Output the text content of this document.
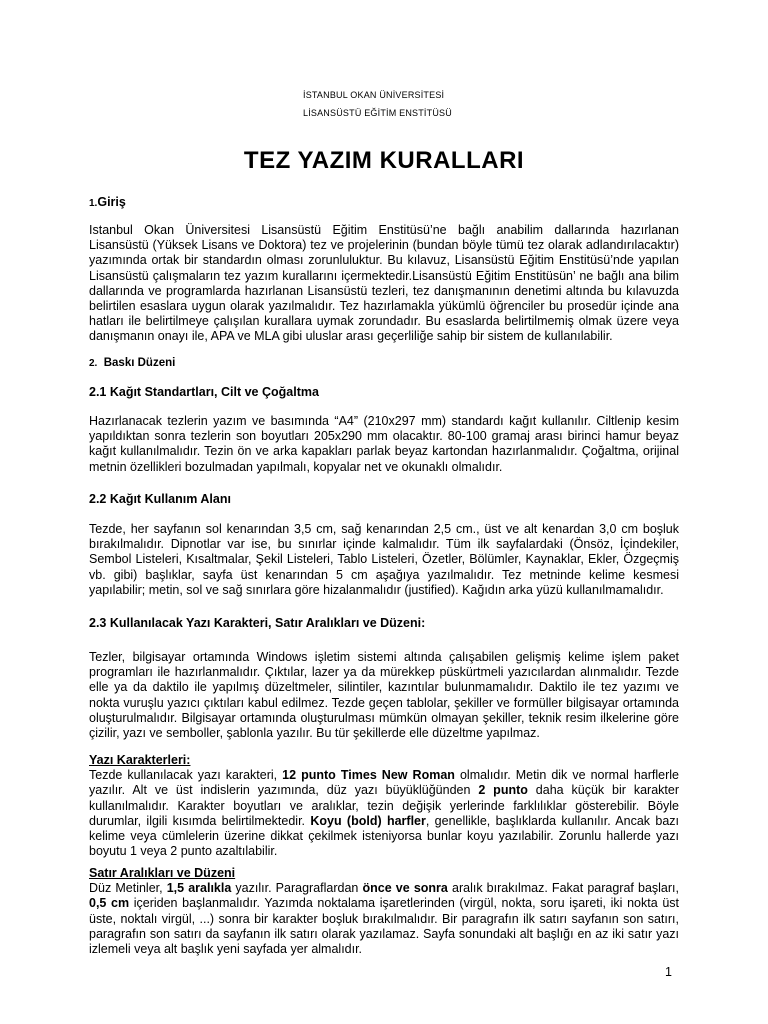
İSTANBUL OKAN ÜNİVERSİTESİ
LİSANSÜSTÜ EĞİTİM ENSTİTÜSÜ
TEZ YAZIM KURALLARI
1.Giriş
Istanbul Okan Üniversitesi Lisansüstü Eğitim Enstitüsü’ne bağlı anabilim dallarında hazırlanan
Lisansüstü (Yüksek Lisans ve Doktora) tez ve projelerinin (bundan böyle tümü tez olarak adlandırılacaktır)
yazımında ortak bir standardın olması zorunluluktur. Bu kılavuz, Lisansüstü Eğitim Enstitüsü’nde yapılan
Lisansüstü çalışmaların tez yazım kurallarını içermektedir.Lisansüstü Eğitim Enstitüsün’ ne bağlı ana bilim
dallarında ve programlarda hazırlanan Lisansüstü tezleri, tez danışmanının denetimi altında bu kılavuzda
belirtilen esaslara uygun olarak yazılmalıdır. Tez hazırlamakla yükümlü öğrenciler bu prosedür içinde ana
hatları ile belirtilmeye çalışılan kurallara uymak zorundadır. Bu esaslarda belirtilmemiş olmak üzere veya
danışmanın onayı ile, APA ve MLA gibi uluslar arası geçerliliğe sahip bir sistem de kullanılabilir.
2. Baskı Düzeni
2.1 Kağıt Standartları, Cilt ve Çoğaltma
Hazırlanacak tezlerin yazım ve basımında “A4” (210x297 mm) standardı kağıt kullanılır. Ciltlenip kesim
yapıldıktan sonra tezlerin son boyutları 205x290 mm olacaktır. 80-100 gramaj arası birinci hamur beyaz
kağıt kullanılmalıdır. Tezin ön ve arka kapakları parlak beyaz kartondan hazırlanmalıdır. Çoğaltma, orijinal
metnin özellikleri bozulmadan yapılmalı, kopyalar net ve okunaklı olmalıdır.
2.2 Kağıt Kullanım Alanı
Tezde, her sayfanın sol kenarından 3,5 cm, sağ kenarından 2,5 cm., üst ve alt kenardan 3,0 cm boşluk
bırakılmalıdır. Dipnotlar var ise, bu sınırlar içinde kalmalıdır. Tüm ilk sayfalardaki (Önsöz, İçindekiler,
Sembol Listeleri, Kısaltmalar, Şekil Listeleri, Tablo Listeleri, Özetler, Bölümler, Kaynaklar, Ekler, Özgeçmiş
vb. gibi) başlıklar, sayfa üst kenarından 5 cm aşağıya yazılmalıdır. Tez metninde kelime kesmesi
yapılabilir; metin, sol ve sağ sınırlara göre hizalanmalıdır (justified). Kağıdın arka yüzü kullanılmamalıdır.
2.3 Kullanılacak Yazı Karakteri, Satır Aralıkları ve Düzeni:
Tezler, bilgisayar ortamında Windows işletim sistemi altında çalışabilen gelişmiş kelime işlem paket
programları ile hazırlanmalıdır. Çıktılar, lazer ya da mürekkep püskürtmeli yazıcılardan alınmalıdır. Tezde
elle ya da daktilo ile yapılmış düzeltmeler, silintiler, kazıntılar bulunmamalıdır. Daktilo ile tez yazımı ve
nokta vuruşlu yazıcı çıktıları kabul edilmez. Tezde geçen tablolar, şekiller ve formüller bilgisayar ortamında
oluşturulmalıdır. Bilgisayar ortamında oluşturulması mümkün olmayan şekiller, teknik resim ilkelerine göre
çizilir, yazı ve semboller, şablonla yazılır. Bu tür şekillerde elle düzeltme yapılmaz.
Yazı Karakterleri:
Tezde kullanılacak yazı karakteri, 12 punto Times New Roman olmalıdır. Metin dik ve normal harflerle
yazılır. Alt ve üst indislerin yazımında, düz yazı büyüklüğünden 2 punto daha küçük bir karakter
kullanılmalıdır. Karakter boyutları ve aralıklar, tezin değişik yerlerinde farklılıklar gösterebilir. Böyle
durumlar, ilgili kısımda belirtilmektedir. Koyu (bold) harfler, genellikle, başlıklarda kullanılır. Ancak bazı
kelime veya cümlelerin üzerine dikkat çekilmek isteniyorsa bunlar koyu yazılabilir. Zorunlu hallerde yazı
boyutu 1 veya 2 punto azaltılabilir.
Satır Aralıkları ve Düzeni
Düz Metinler, 1,5 aralıkla yazılır. Paragraflardan önce ve sonra aralık bırakılmaz. Fakat paragraf başları,
0,5 cm içeriden başlanmalıdır. Yazımda noktalama işaretlerinden (virgül, nokta, soru işareti, iki nokta üst
üste, noktalı virgül, ...) sonra bir karakter boşluk bırakılmalıdır. Bir paragrafın ilk satırı sayfanın son satırı,
paragrafın son satırı da sayfanın ilk satırı olarak yazılamaz. Sayfa sonundaki alt başlığı en az iki satır yazı
izlemeli veya alt başlık yeni sayfada yer almalıdır.
1
